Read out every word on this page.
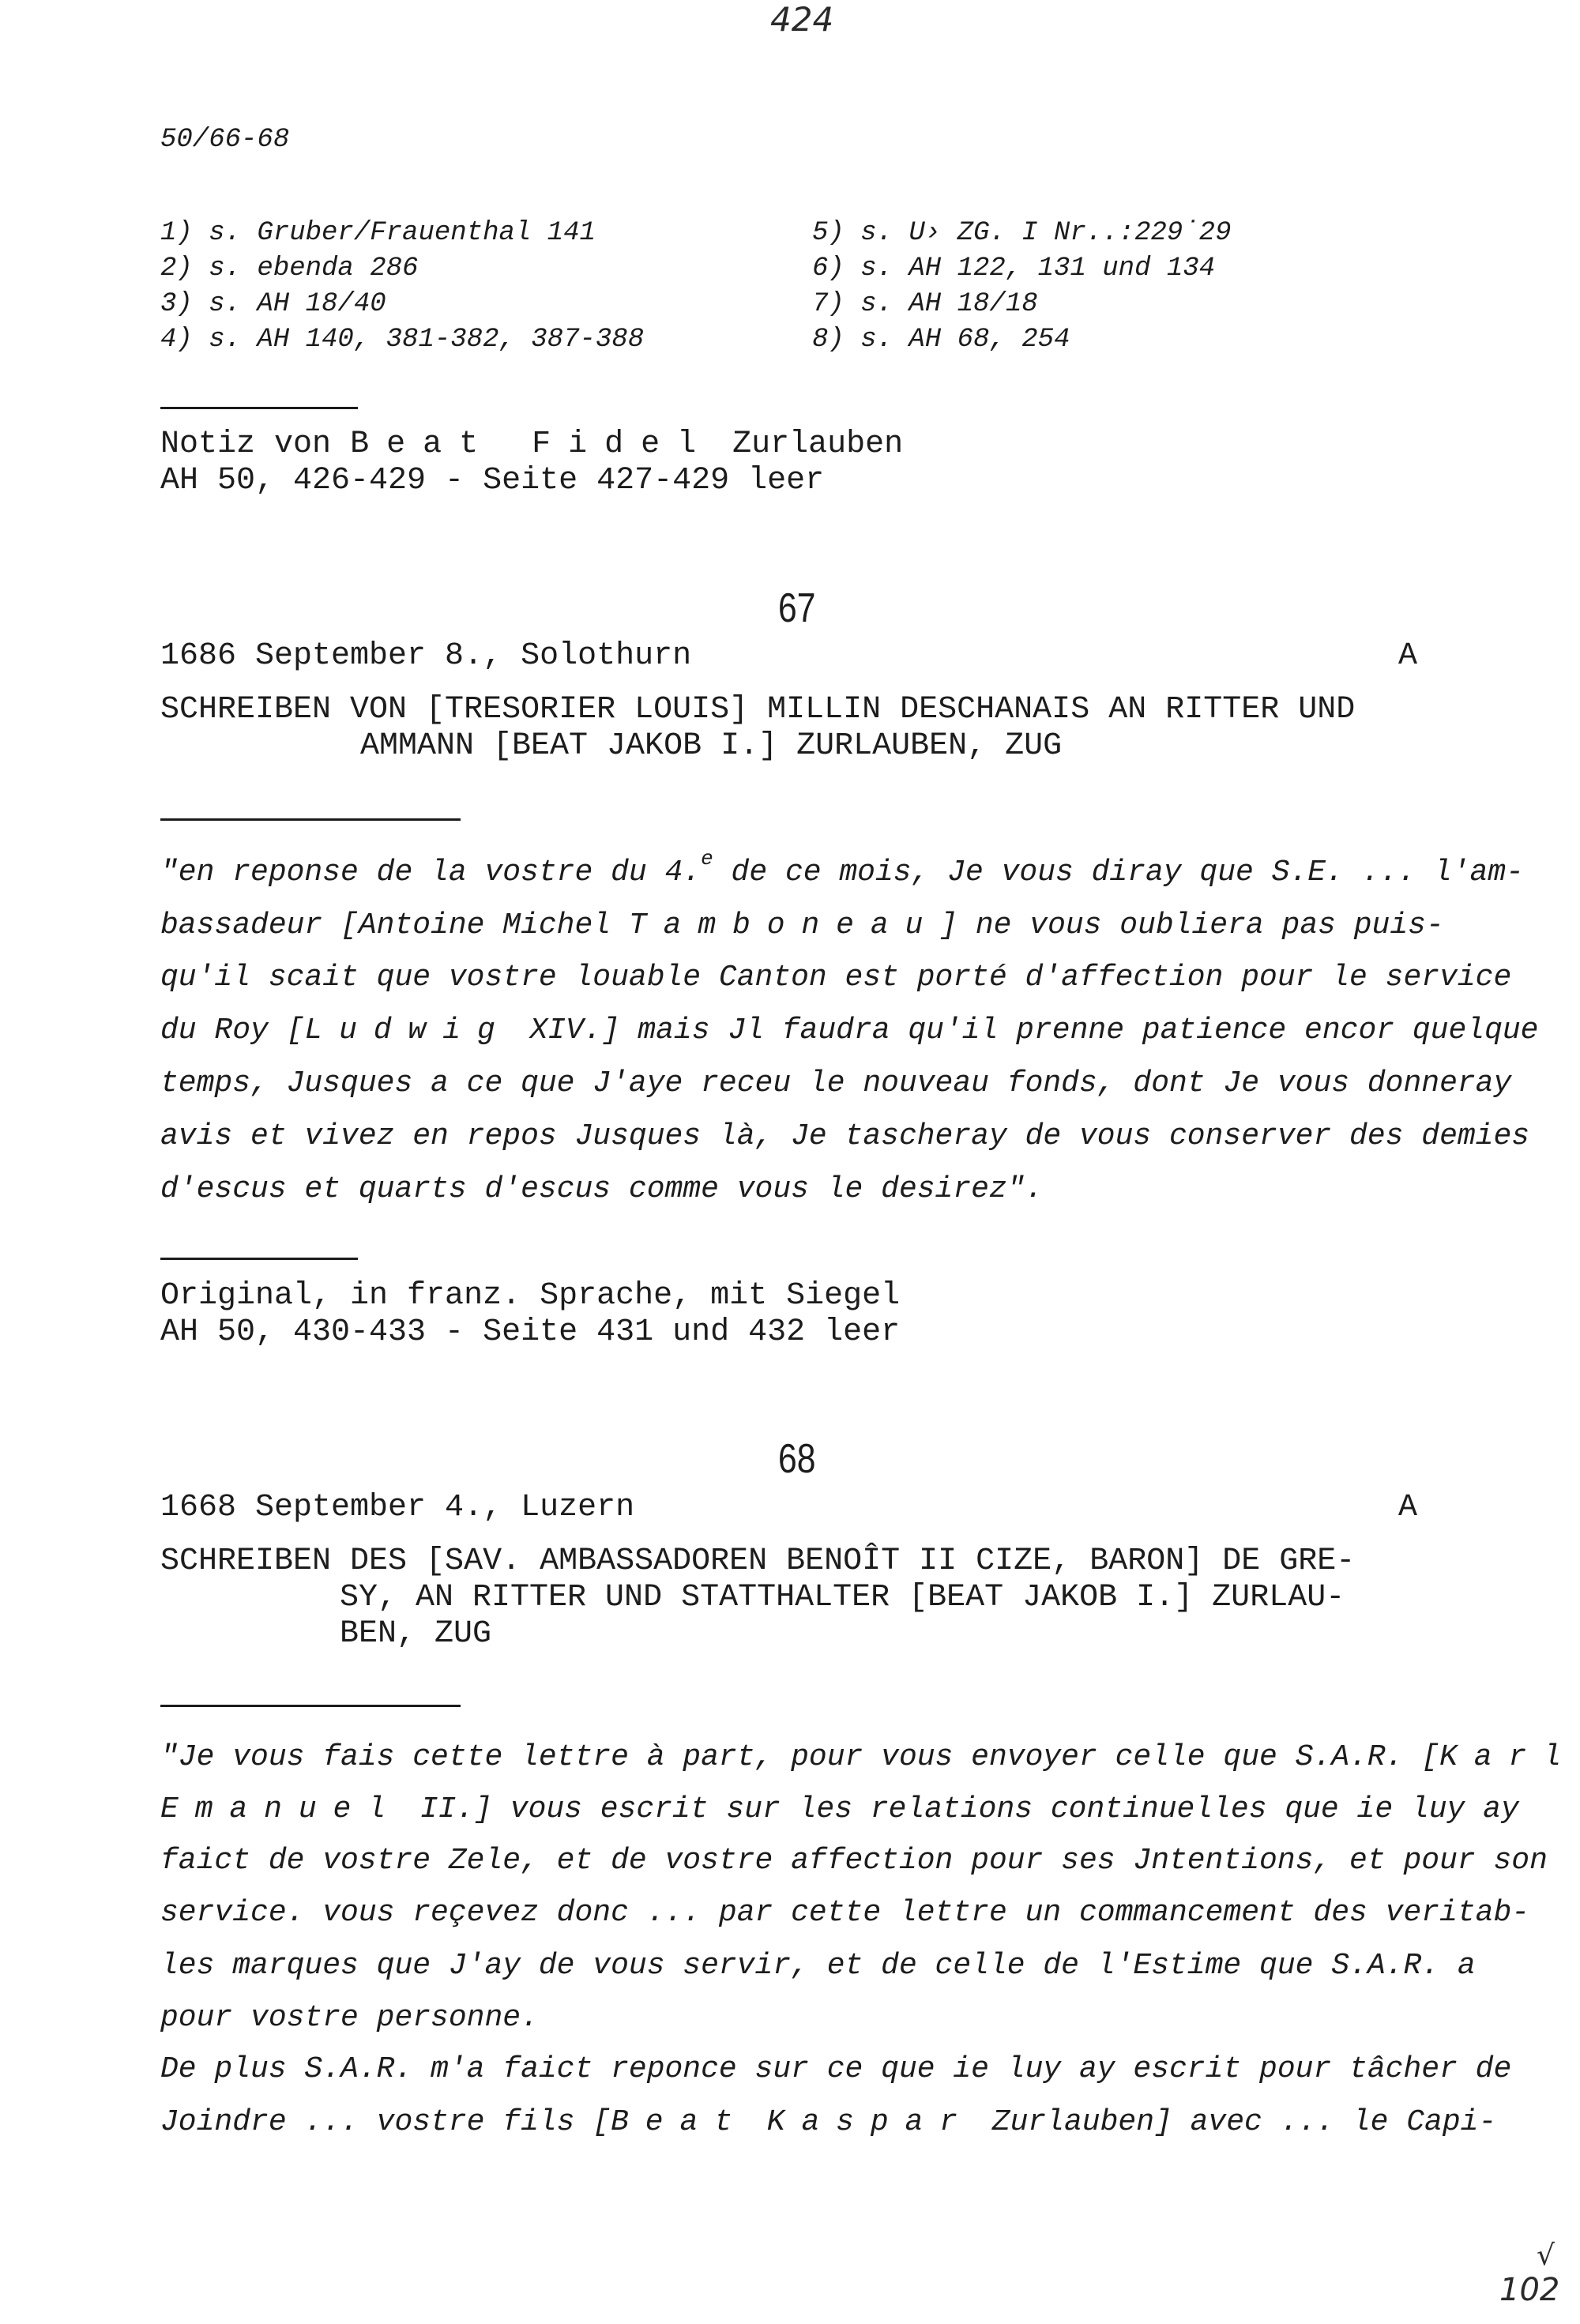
424
50/66-68
1) s. Gruber/Frauenthal 141
2) s. ebenda 286
3) s. AH 18/40
4) s. AH 140, 381-382, 387-388
5) s. U› ZG. I Nr..:229˙29
6) s. AH 122, 131 und 134
7) s. AH 18/18
8) s. AH 68, 254
Notiz von Beat Fidel Zurlauben
AH 50, 426-429 - Seite 427-429 leer
67
1686 September 8., Solothurn	A
SCHREIBEN VON [TRESORIER LOUIS] MILLIN DESCHANAIS AN RITTER UND
AMMANN [BEAT JAKOB I.] ZURLAUBEN, ZUG
"en reponse de la vostre du 4.$^e$ de ce mois, Je vous diray que S.E. ... l'am-
bassadeur [Antoine Michel Tamboneau] ne vous oubliera pas puis-
qu'il scait que vostre louable Canton est porté d'affection pour le service
du Roy [Ludwig XIV.] mais Jl faudra qu'il prenne patience encor quelque
temps, Jusques a ce que J'aye receu le nouveau fonds, dont Je vous donneray
avis et vivez en repos Jusques là, Je tascheray de vous conserver des demies
d'escus et quarts d'escus comme vous le desirez".
Original, in franz. Sprache, mit Siegel
AH 50, 430-433 - Seite 431 und 432 leer
68
1668 September 4., Luzern	A
SCHREIBEN DES [SAV. AMBASSADOREN BENOÎT II CIZE, BARON] DE GRE-
SY, AN RITTER UND STATTHALTER [BEAT JAKOB I.] ZURLAU-
BEN, ZUG
"Je vous fais cette lettre à part, pour vous envoyer celle que S.A.R. [Karl
Emanuel II.] vous escrit sur les relations continuelles que ie luy ay
faict de vostre Zele, et de vostre affection pour ses Jntentions, et pour son
service. vous reçevez donc ... par cette lettre un commancement des veritab-
les marques que J'ay de vous servir, et de celle de l'Estime que S.A.R. a
pour vostre personne.
De plus S.A.R. m'a faict reponce sur ce que ie luy ay escrit pour tâcher de
Joindre ... vostre fils [Beat Kaspar Zurlauben] avec ... le Capi-
√
102
